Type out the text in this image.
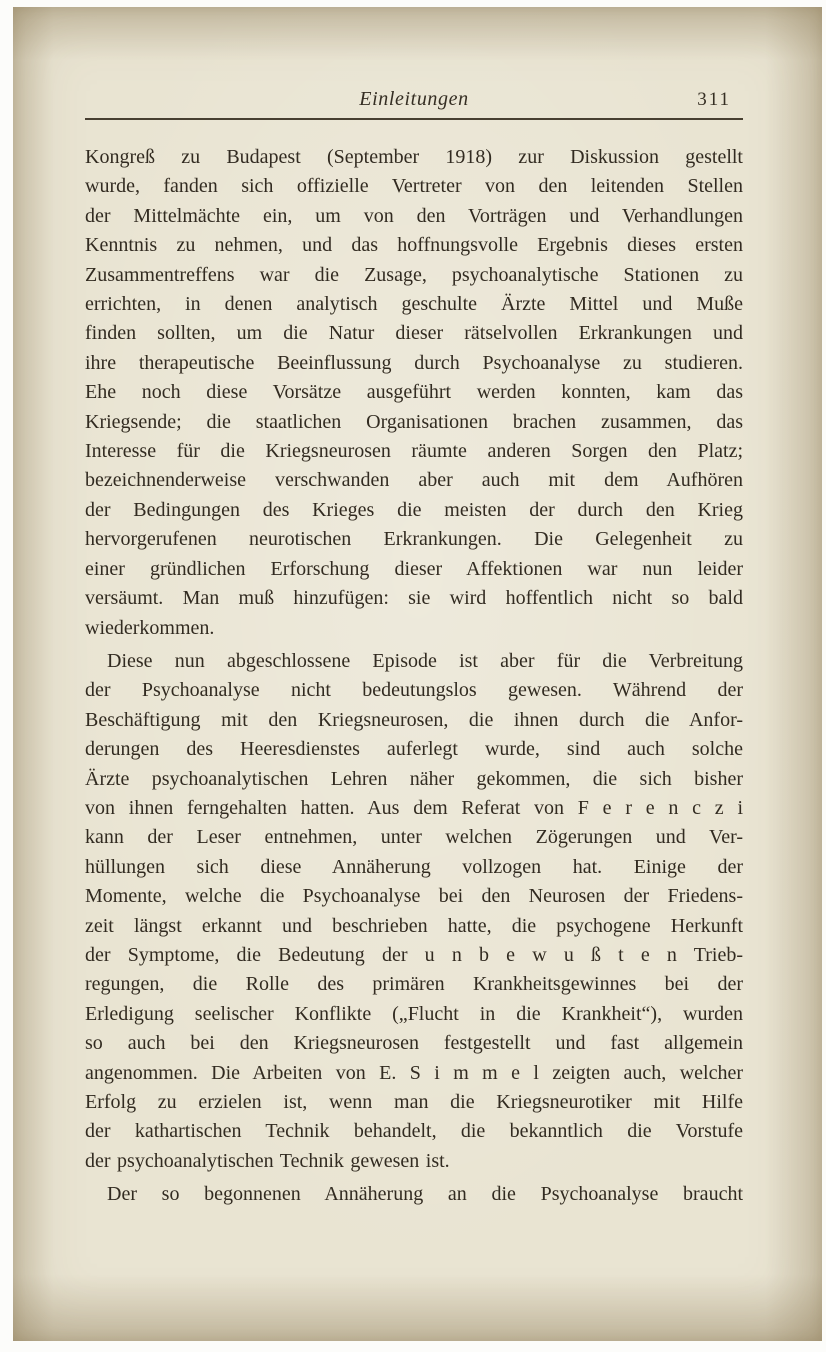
Einleitungen	311
Kongreß zu Budapest (September 1918) zur Diskussion gestellt
wurde, fanden sich offizielle Vertreter von den leitenden Stellen
der Mittelmächte ein, um von den Vorträgen und Verhandlungen
Kenntnis zu nehmen, und das hoffnungsvolle Ergebnis dieses ersten
Zusammentreffens war die Zusage, psychoanalytische Stationen zu
errichten, in denen analytisch geschulte Ärzte Mittel und Muße
finden sollten, um die Natur dieser rätselvollen Erkrankungen und
ihre therapeutische Beeinflussung durch Psychoanalyse zu studieren.
Ehe noch diese Vorsätze ausgeführt werden konnten, kam das
Kriegsende; die staatlichen Organisationen brachen zusammen, das
Interesse für die Kriegsneurosen räumte anderen Sorgen den Platz;
bezeichnenderweise verschwanden aber auch mit dem Aufhören
der Bedingungen des Krieges die meisten der durch den Krieg
hervorgerufenen neurotischen Erkrankungen. Die Gelegenheit zu
einer gründlichen Erforschung dieser Affektionen war nun leider
versäumt. Man muß hinzufügen: sie wird hoffentlich nicht so bald
wiederkommen.
Diese nun abgeschlossene Episode ist aber für die Verbreitung
der Psychoanalyse nicht bedeutungslos gewesen. Während der
Beschäftigung mit den Kriegsneurosen, die ihnen durch die Anfor-
derungen des Heeresdienstes auferlegt wurde, sind auch solche
Ärzte psychoanalytischen Lehren näher gekommen, die sich bisher
von ihnen ferngehalten hatten. Aus dem Referat von F e r e n c z i
kann der Leser entnehmen, unter welchen Zögerungen und Ver-
hüllungen sich diese Annäherung vollzogen hat. Einige der
Momente, welche die Psychoanalyse bei den Neurosen der Friedens-
zeit längst erkannt und beschrieben hatte, die psychogene Herkunft
der Symptome, die Bedeutung der u n b e w u ß t e n Trieb-
regungen, die Rolle des primären Krankheitsgewinnes bei der
Erledigung seelischer Konflikte („Flucht in die Krankheit“), wurden
so auch bei den Kriegsneurosen festgestellt und fast allgemein
angenommen. Die Arbeiten von E. S i m m e l zeigten auch, welcher
Erfolg zu erzielen ist, wenn man die Kriegsneurotiker mit Hilfe
der kathartischen Technik behandelt, die bekanntlich die Vorstufe
der psychoanalytischen Technik gewesen ist.
Der so begonnenen Annäherung an die Psychoanalyse braucht
